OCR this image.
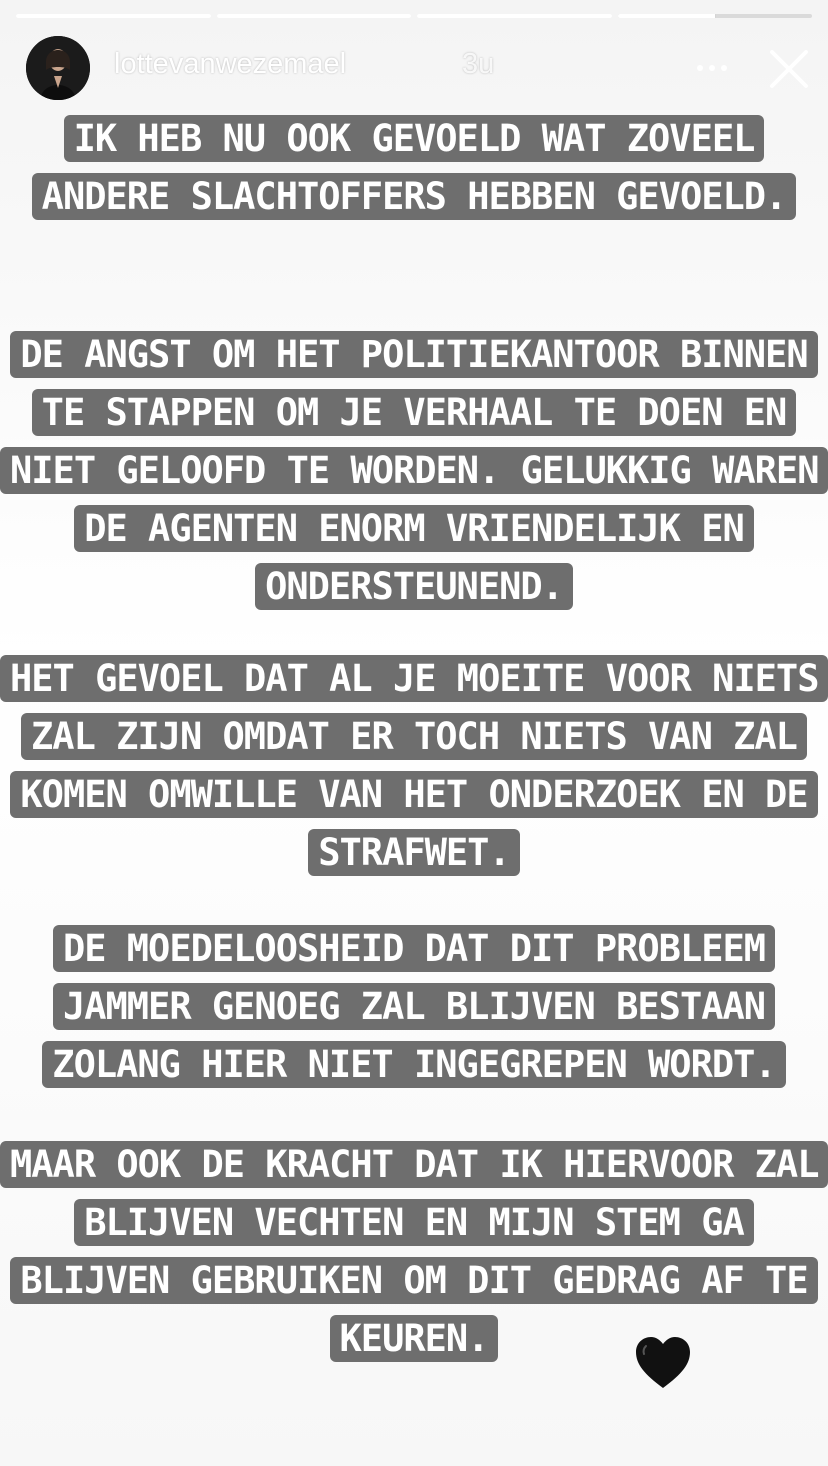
lottevanwezemael	3u
IK HEB NU OOK GEVOELD WAT ZOVEEL ANDERE SLACHTOFFERS HEBBEN GEVOELD.
DE ANGST OM HET POLITIEKANTOOR BINNEN TE STAPPEN OM JE VERHAAL TE DOEN EN NIET GELOOFD TE WORDEN. GELUKKIG WAREN DE AGENTEN ENORM VRIENDELIJK EN ONDERSTEUNEND.
HET GEVOEL DAT AL JE MOEITE VOOR NIETS ZAL ZIJN OMDAT ER TOCH NIETS VAN ZAL KOMEN OMWILLE VAN HET ONDERZOEK EN DE STRAFWET.
DE MOEDELOOSHEID DAT DIT PROBLEEM JAMMER GENOEG ZAL BLIJVEN BESTAAN ZOLANG HIER NIET INGEGREPEN WORDT.
MAAR OOK DE KRACHT DAT IK HIERVOOR ZAL BLIJVEN VECHTEN EN MIJN STEM GA BLIJVEN GEBRUIKEN OM DIT GEDRAG AF TE KEUREN.
